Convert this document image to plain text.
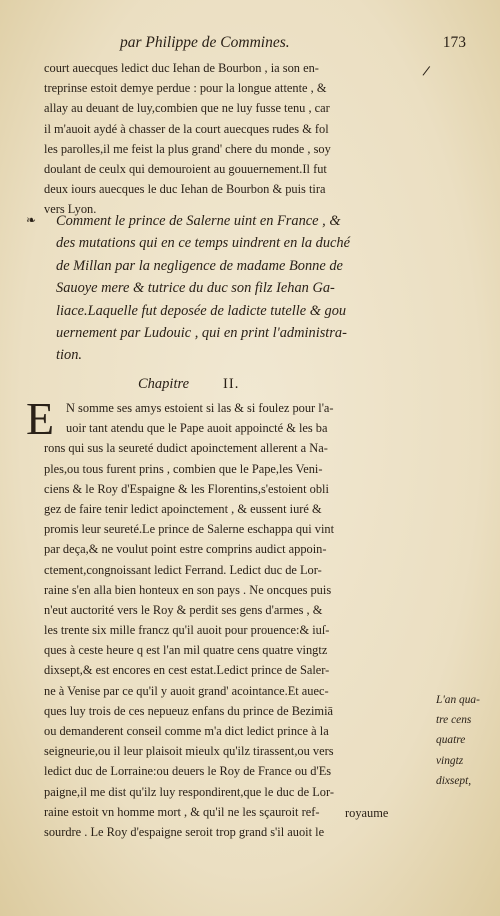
par Philippe de Commines.	173
/
court auecques ledict duc Iehan de Bourbon , ia son en-
treprinse estoit demye perdue : pour la longue attente , &
allay au deuant de luy,combien que ne luy fusse tenu , car
il m'auoit aydé à chasser de la court auecques rudes & fol
les parolles,il me feist la plus grand' chere du monde , soy
doulant de ceulx qui demouroient au gouuernement.Il fut
deux iours auecques le duc Iehan de Bourbon & puis tira
vers Lyon.
❧	Comment le prince de Salerne uint en France , &
des mutations qui en ce temps uindrent en la duché
de Millan par la negligence de madame Bonne de
Sauoye mere & tutrice du duc son filz Iehan Ga-
liace.Laquelle fut deposée de ladicte tutelle & gou
uernement par Ludouic , qui en print l'administra-
tion.
Chapitre II.
E N somme ses amys estoient si las & si foulez pour l'a-
uoir tant atendu que le Pape auoit appoincté & les ba
rons qui sus la seureté dudict apoinctement allerent a Na-
ples,ou tous furent prins , combien que le Pape,les Veni-
ciens & le Roy d'Espaigne & les Florentins,s'estoient obli
gez de faire tenir ledict apoinctement , & eussent iuré &
promis leur seureté.Le prince de Salerne eschappa qui vint
par deça,& ne voulut point estre comprins audict appoin-
ctement,congnoissant ledict Ferrand. Ledict duc de Lor-
raine s'en alla bien honteux en son pays . Ne oncques puis
n'eut auctorité vers le Roy & perdit ses gens d'armes , &
les trente six mille francz qu'il auoit pour prouence:& iuſ-
ques à ceste heure q est l'an mil quatre cens quatre vingtz
dixsept,& est encores en cest estat.Ledict prince de Saler-
ne à Venise par ce qu'il y auoit grand' acointance.Et auec-
ques luy trois de ces nepueuz enfans du prince de Bezimiā
ou demanderent conseil comme m'a dict ledict prince à la
seigneurie,ou il leur plaisoit mieulx qu'ilz tirassent,ou vers
ledict duc de Lorraine:ou deuers le Roy de France ou d'Es
paigne,il me dist qu'ilz luy respondirent,que le duc de Lor-
raine estoit vn homme mort , & qu'il ne les sçauroit ref-
sourdre . Le Roy d'espaigne seroit trop grand s'il auoit le
L'an qua-
tre cens
quatre
vingtz
dixsept,
royaume
